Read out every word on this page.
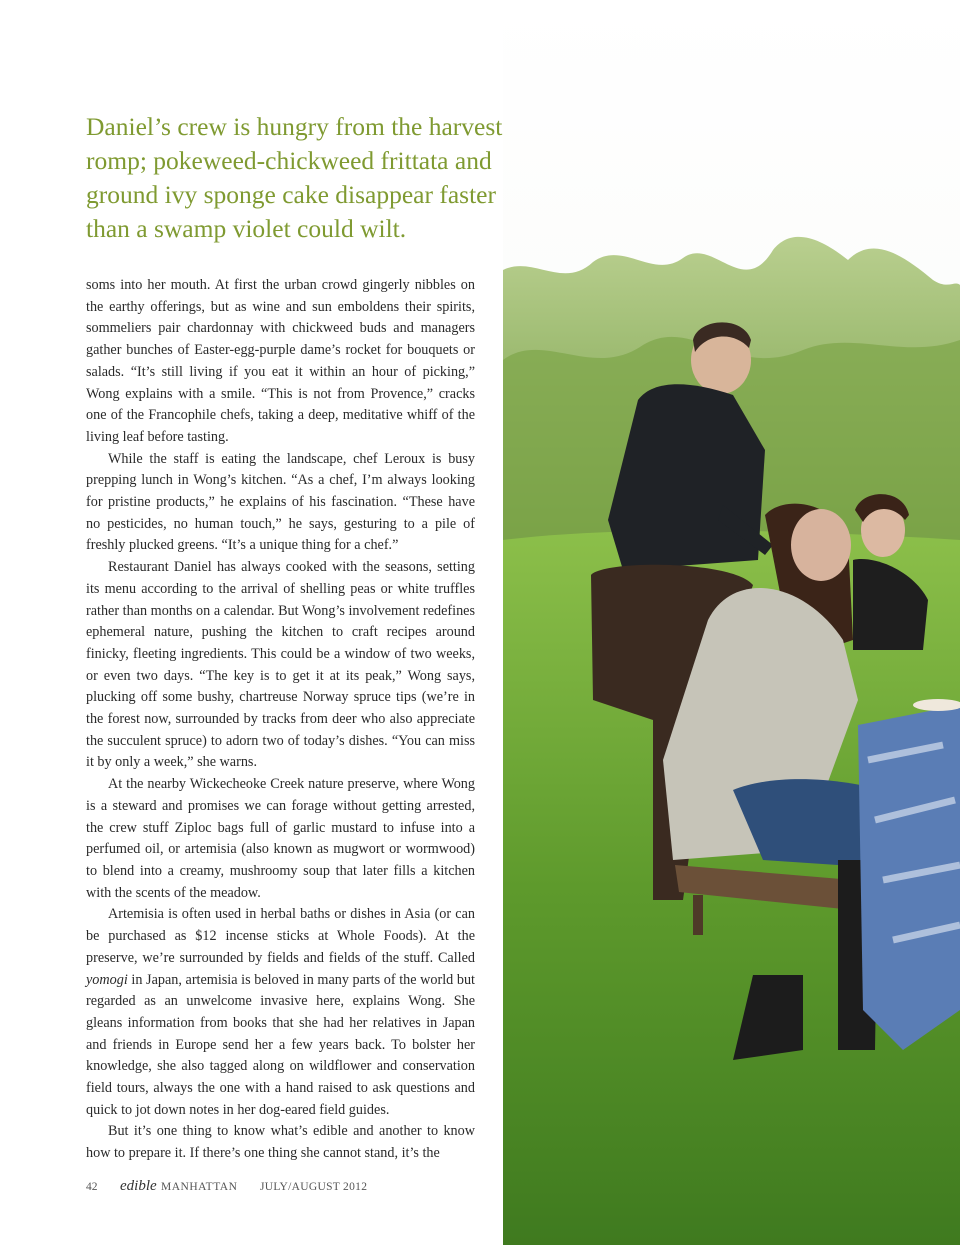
Daniel’s crew is hungry from the harvest
romp; pokeweed-chickweed frittata and
ground ivy sponge cake disappear faster
than a swamp violet could wilt.

soms into her mouth. At first the urban crowd gingerly nibbles on the earthy offerings, but as wine and sun emboldens their spirits, sommeliers pair chardonnay with chickweed buds and managers gather bunches of Easter-egg-purple dame’s rocket for bouquets or salads. “It’s still living if you eat it within an hour of picking,” Wong explains with a smile. “This is not from Provence,” cracks one of the Francophile chefs, taking a deep, meditative whiff of the living leaf before tasting.

While the staff is eating the landscape, chef Leroux is busy prepping lunch in Wong’s kitchen. “As a chef, I’m always looking for pristine products,” he explains of his fascination. “These have no pesticides, no human touch,” he says, gesturing to a pile of freshly plucked greens. “It’s a unique thing for a chef.”

Restaurant Daniel has always cooked with the seasons, setting its menu according to the arrival of shelling peas or white truffles rather than months on a calendar. But Wong’s involvement redefines ephemeral nature, pushing the kitchen to craft recipes around finicky, fleeting ingredients. This could be a window of two weeks, or even two days. “The key is to get it at its peak,” Wong says, plucking off some bushy, chartreuse Norway spruce tips (we’re in the forest now, surrounded by tracks from deer who also appreciate the succulent spruce) to adorn two of today’s dishes. “You can miss it by only a week,” she warns.

At the nearby Wickecheoke Creek nature preserve, where Wong is a steward and promises we can forage without getting arrested, the crew stuff Ziploc bags full of garlic mustard to infuse into a perfumed oil, or artemisia (also known as mugwort or wormwood) to blend into a creamy, mushroomy soup that later fills a kitchen with the scents of the meadow.

Artemisia is often used in herbal baths or dishes in Asia (or can be purchased as $12 incense sticks at Whole Foods). At the preserve, we’re surrounded by fields and fields of the stuff. Called yomogi in Japan, artemisia is beloved in many parts of the world but regarded as an unwelcome invasive here, explains Wong. She gleans information from books that she had her relatives in Japan and friends in Europe send her a few years back. To bolster her knowledge, she also tagged along on wildflower and conservation field tours, always the one with a hand raised to ask questions and quick to jot down notes in her dog-eared field guides.

But it’s one thing to know what’s edible and another to know how to prepare it. If there’s one thing she cannot stand, it’s the

42 edible MANHATTAN JULY/AUGUST 2012
